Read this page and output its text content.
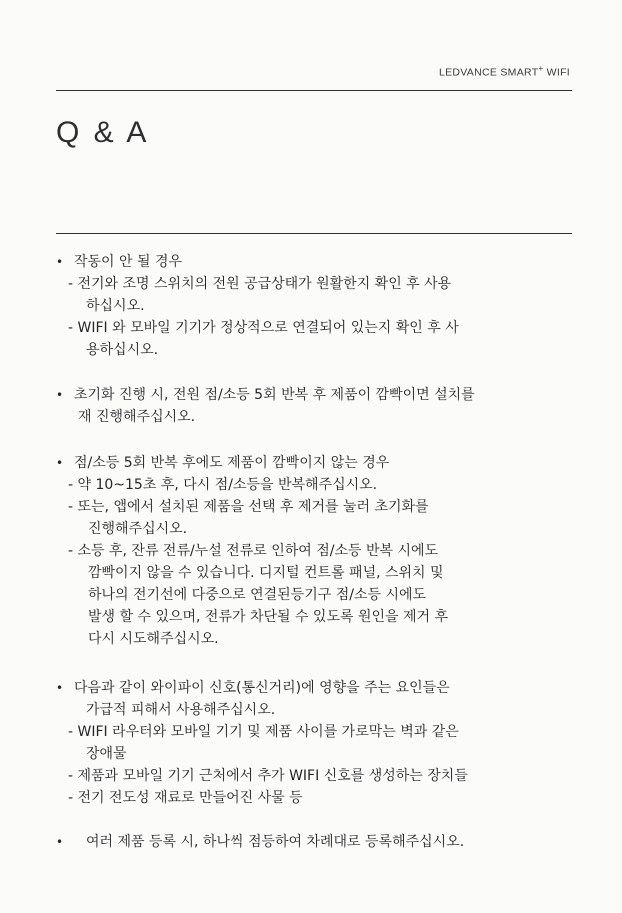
LEDVANCE SMART+ WIFI
Q & A
• 작동이 안 될 경우
- 전기와 조명 스위치의 전원 공급상태가 원활한지 확인 후 사용
하십시오.
- WIFI 와 모바일 기기가 정상적으로 연결되어 있는지 확인 후 사
용하십시오.
• 초기화 진행 시, 전원 점/소등 5회 반복 후 제품이 깜빡이면 설치를
재 진행해주십시오.
• 점/소등 5회 반복 후에도 제품이 깜빡이지 않는 경우
- 약 10~15초 후, 다시 점/소등을 반복해주십시오.
- 또는, 앱에서 설치된 제품을 선택 후 제거를 눌러 초기화를
진행해주십시오.
- 소등 후, 잔류 전류/누설 전류로 인하여 점/소등 반복 시에도
깜빡이지 않을 수 있습니다. 디지털 컨트롤 패널, 스위치 및
하나의 전기선에 다중으로 연결된등기구 점/소등 시에도
발생 할 수 있으며, 전류가 차단될 수 있도록 원인을 제거 후
다시 시도해주십시오.
• 다음과 같이 와이파이 신호(통신거리)에 영향을 주는 요인들은
가급적 피해서 사용해주십시오.
- WIFI 라우터와 모바일 기기 및 제품 사이를 가로막는 벽과 같은
장애물
- 제품과 모바일 기기 근처에서 추가 WIFI 신호를 생성하는 장치들
- 전기 전도성 재료로 만들어진 사물 등
• 여러 제품 등록 시, 하나씩 점등하여 차례대로 등록해주십시오.
